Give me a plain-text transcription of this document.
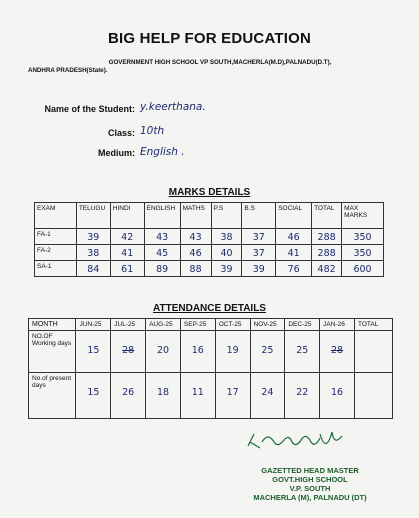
BIG HELP FOR EDUCATION
GOVERNMENT HIGH SCHOOL VP SOUTH,MACHERLA(M.D),PALNADU(D.T),
ANDHRA PRADESH(State).
Name of the Student: y.keerthana.
Class: 10th
Medium: English .
MARKS DETAILS
EXAM	TELUGU	HINDI	ENGLISH	MATHS	P.S	B.S	SOCIAL	TOTAL	MAX MARKS

FA-1	39	42	43	43	38	37	46	288	350

FA-2	38	41	45	46	40	37	41	288	350

SA-1	84	61	89	88	39	39	76	482	600
ATTENDANCE DETAILS
MONTH	JUN-25	JUL-25	AUG-25	SEP-25	OCT-25	NOV-25	DEC-25	JAN-26	TOTAL

NO.OF Working days	15	28	20	16	19	25	25	28	

No.of present days	15	26	18	11	17	24	22	16	

GAZETTED HEAD MASTER
GOVT.HIGH SCHOOL
V.P. SOUTH
MACHERLA (M), PALNADU (DT)
